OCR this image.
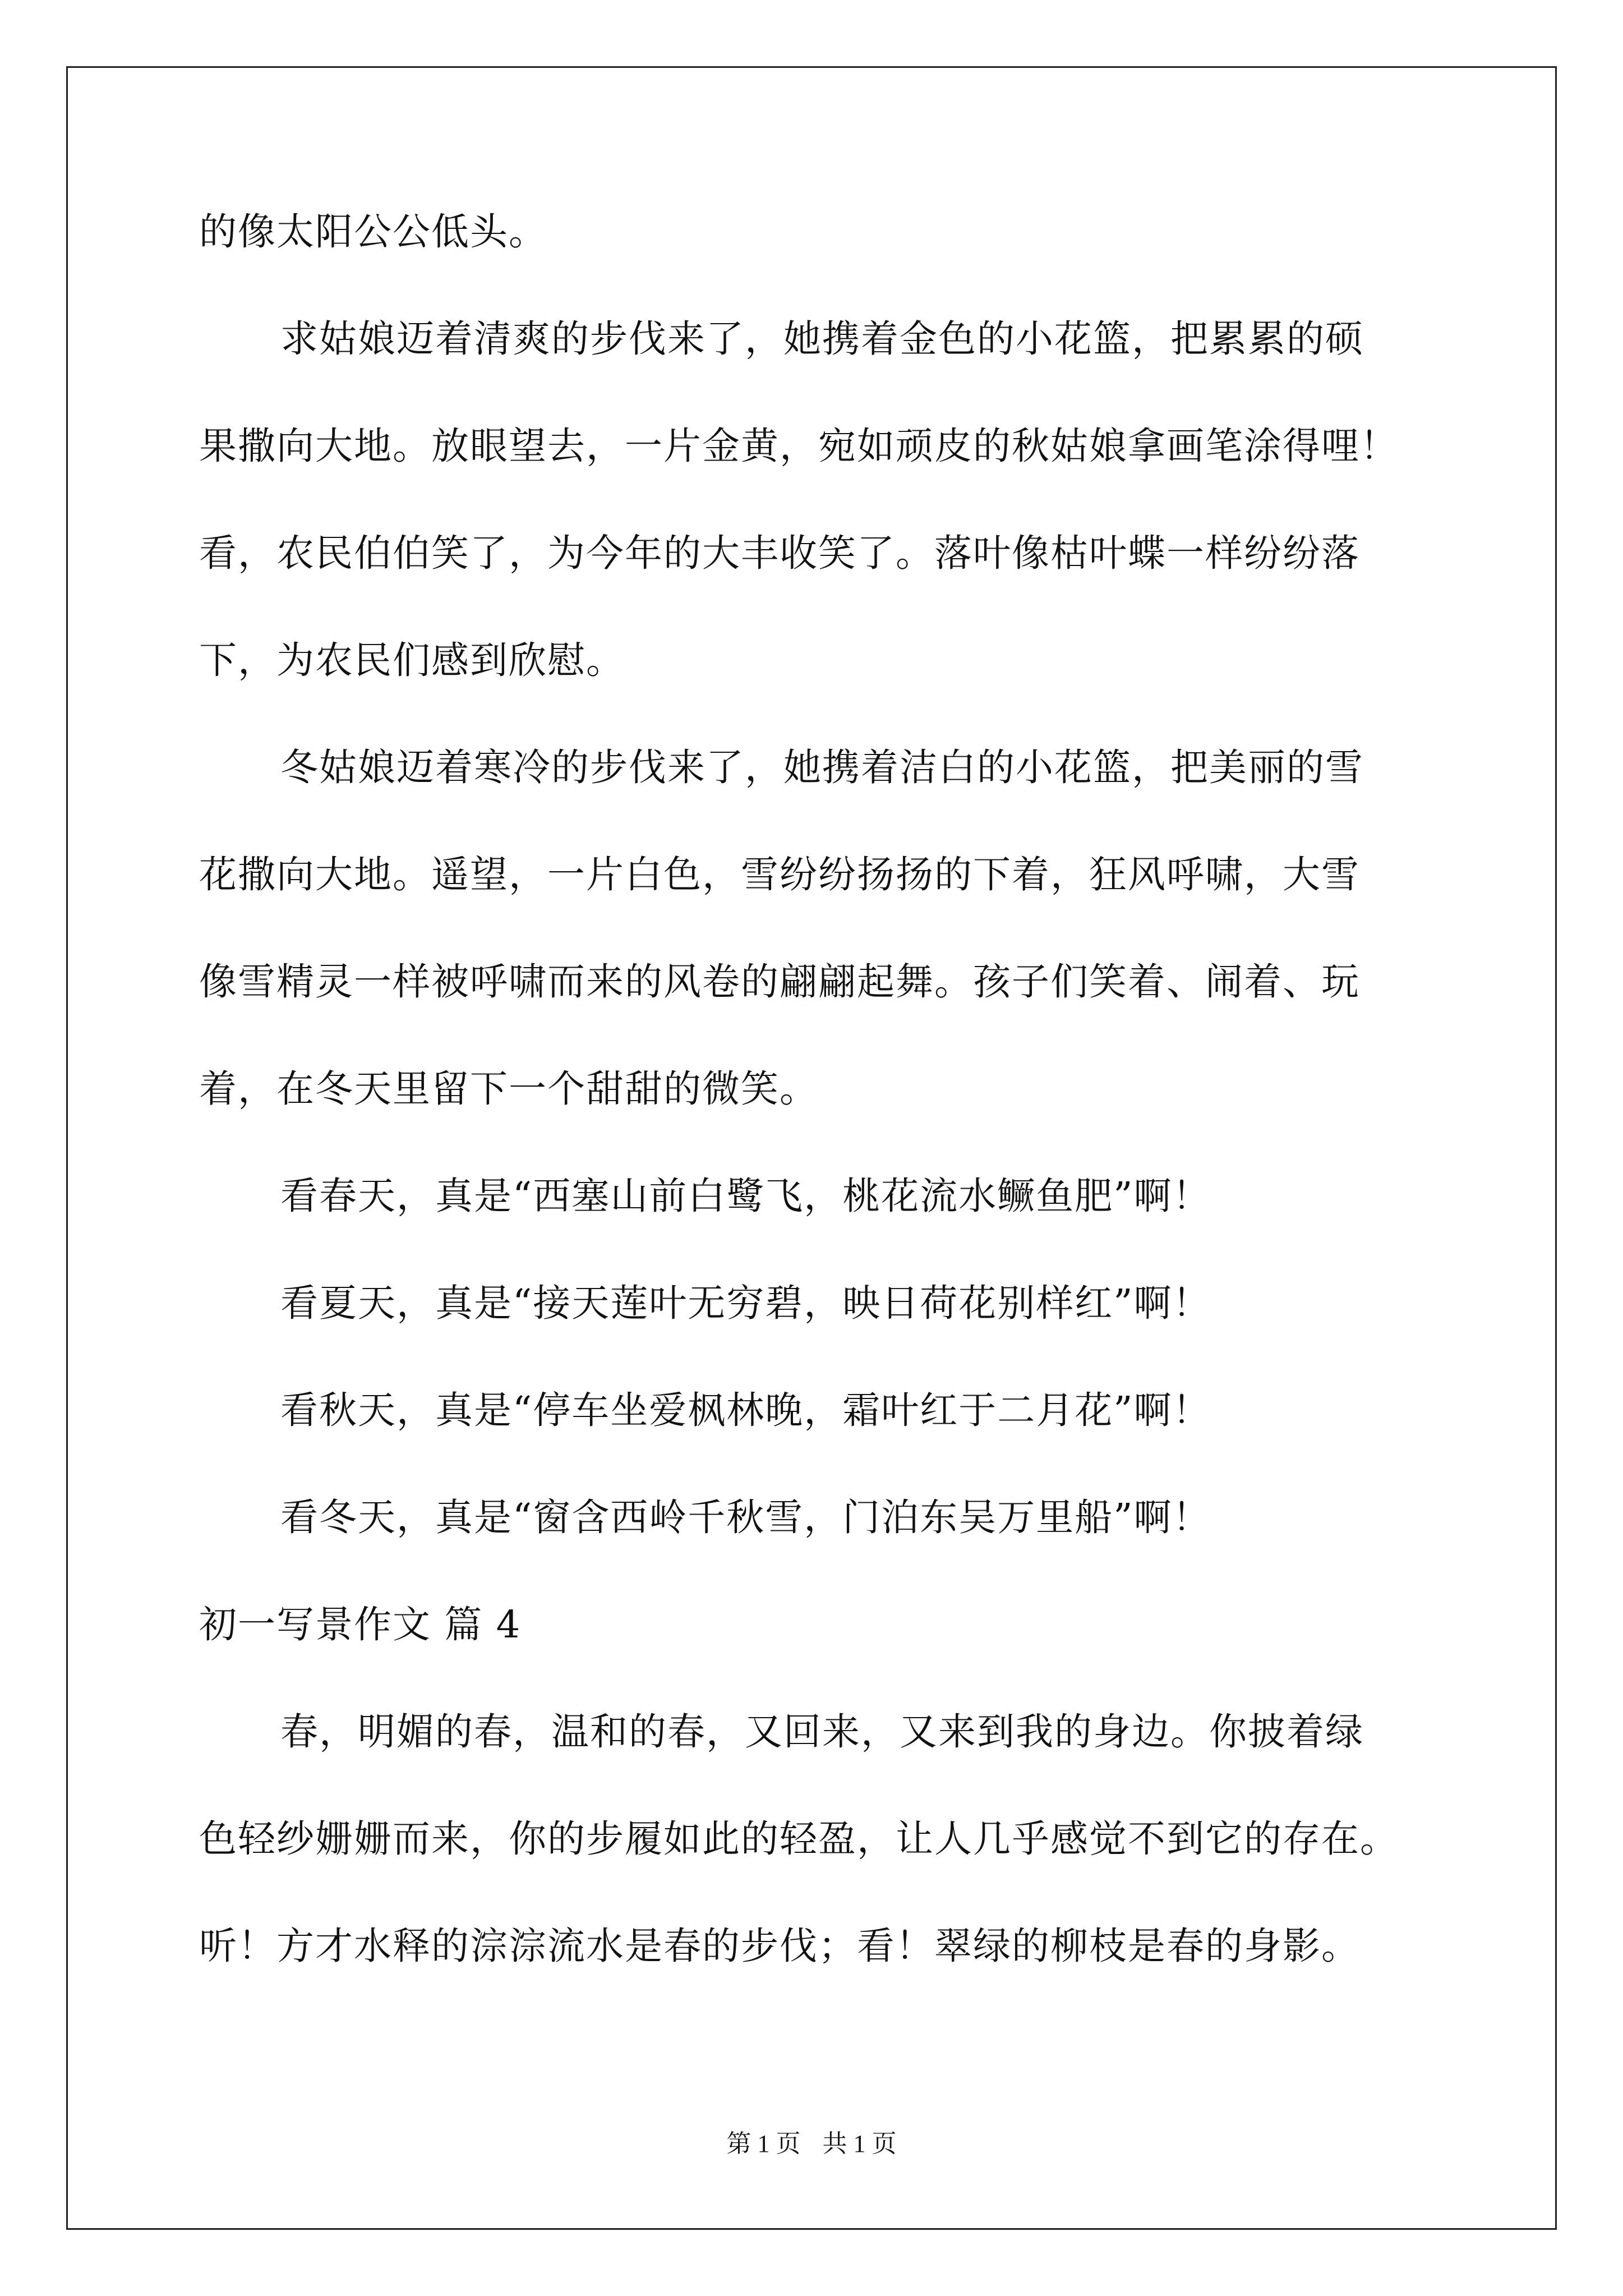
的像太阳公公低头。
求姑娘迈着清爽的步伐来了，她携着金色的小花篮，把累累的硕
果撒向大地。放眼望去，一片金黄，宛如顽皮的秋姑娘拿画笔涂得哩！
看，农民伯伯笑了，为今年的大丰收笑了。落叶像枯叶蝶一样纷纷落
下，为农民们感到欣慰。
冬姑娘迈着寒冷的步伐来了，她携着洁白的小花篮，把美丽的雪
花撒向大地。遥望，一片白色，雪纷纷扬扬的下着，狂风呼啸，大雪
像雪精灵一样被呼啸而来的风卷的翩翩起舞。孩子们笑着、闹着、玩
着，在冬天里留下一个甜甜的微笑。
看春天，真是“西塞山前白鹭飞，桃花流水鳜鱼肥”啊！
看夏天，真是“接天莲叶无穷碧，映日荷花别样红”啊！
看秋天，真是“停车坐爱枫林晚，霜叶红于二月花”啊！
看冬天，真是“窗含西岭千秋雪，门泊东吴万里船”啊！
初一写景作文 篇 4
春，明媚的春，温和的春，又回来，又来到我的身边。你披着绿
色轻纱姗姗而来，你的步履如此的轻盈，让人几乎感觉不到它的存在。
听！方才水释的淙淙流水是春的步伐；看！翠绿的柳枝是春的身影。
第 1 页 共 1 页
